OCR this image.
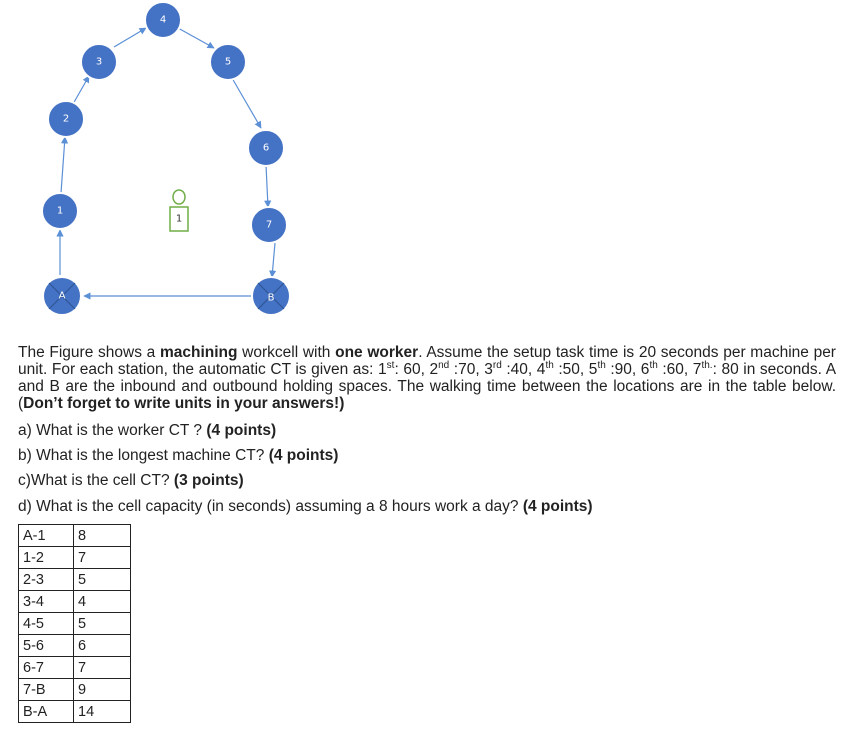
1
2
3
4
5
6
7
A	B
1
The Figure shows a machining workcell with one worker. Assume the setup task time is 20 seconds per machine per unit. For each station, the automatic CT is given as: 1st: 60, 2nd :70, 3rd :40, 4th :50, 5th :90, 6th :60, $7^{th.}$: 80 in seconds. A and B are the inbound and outbound holding spaces. The walking time between the locations are in the table below. (Don’t forget to write units in your answers!)
a) What is the worker CT ? (4 points)
b) What is the longest machine CT? (4 points)
c)What is the cell CT? (3 points)
d) What is the cell capacity (in seconds) assuming a 8 hours work a day? (4 points)
A-1	8
1-2	7
2-3	5
3-4	4
4-5	5
5-6	6
6-7	7
7-B	9
B-A	14
